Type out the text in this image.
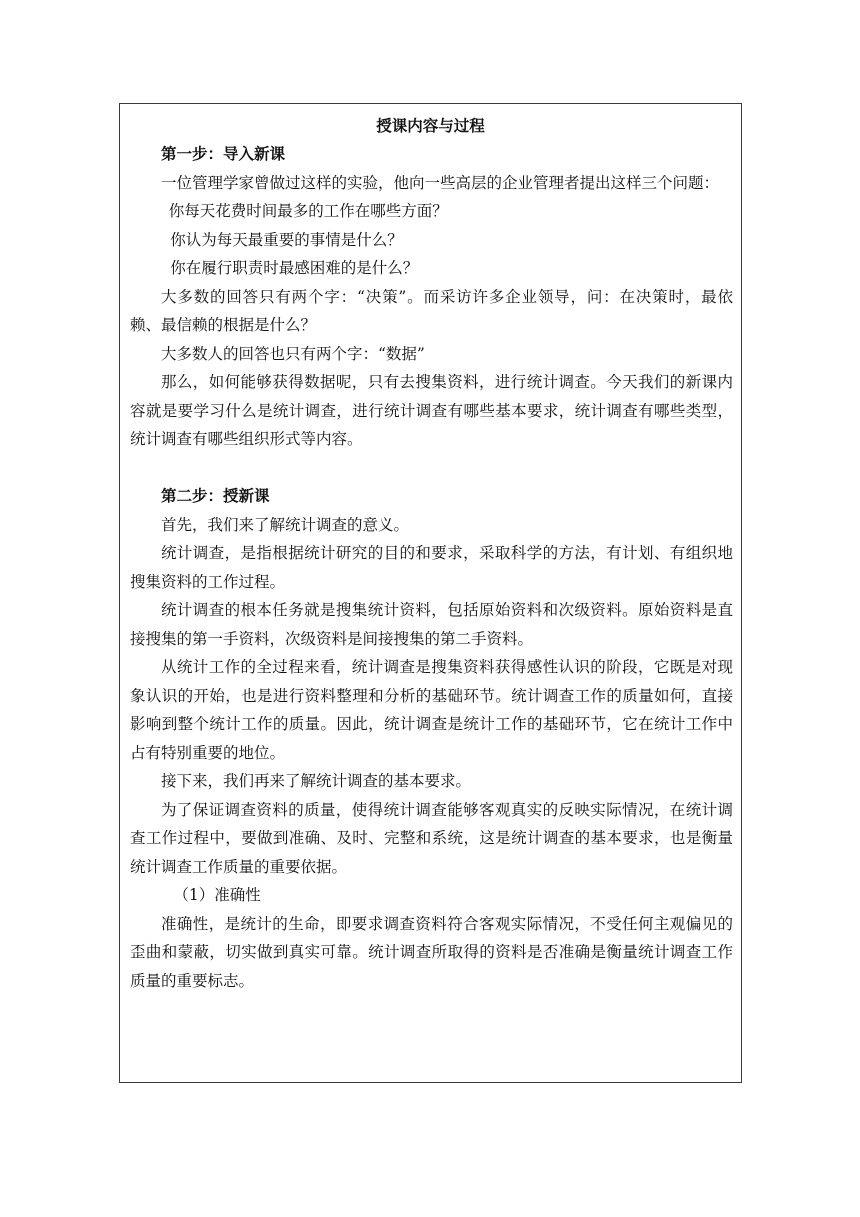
授课内容与过程

第一步：导入新课

一位管理学家曾做过这样的实验，他向一些高层的企业管理者提出这样三个问题：

你每天花费时间最多的工作在哪些方面？

你认为每天最重要的事情是什么？

你在履行职责时最感困难的是什么？

大多数的回答只有两个字：“决策”。而采访许多企业领导，问：在决策时，最依赖、最信赖的根据是什么？

大多数人的回答也只有两个字：“数据”

那么，如何能够获得数据呢，只有去搜集资料，进行统计调查。今天我们的新课内容就是要学习什么是统计调查，进行统计调查有哪些基本要求，统计调查有哪些类型，统计调查有哪些组织形式等内容。

第二步：授新课

首先，我们来了解统计调查的意义。

统计调查，是指根据统计研究的目的和要求，采取科学的方法，有计划、有组织地搜集资料的工作过程。

统计调查的根本任务就是搜集统计资料，包括原始资料和次级资料。原始资料是直接搜集的第一手资料，次级资料是间接搜集的第二手资料。

从统计工作的全过程来看，统计调查是搜集资料获得感性认识的阶段，它既是对现象认识的开始，也是进行资料整理和分析的基础环节。统计调查工作的质量如何，直接影响到整个统计工作的质量。因此，统计调查是统计工作的基础环节，它在统计工作中占有特别重要的地位。

接下来，我们再来了解统计调查的基本要求。

为了保证调查资料的质量，使得统计调查能够客观真实的反映实际情况，在统计调查工作过程中，要做到准确、及时、完整和系统，这是统计调查的基本要求，也是衡量统计调查工作质量的重要依据。

（1）准确性

准确性，是统计的生命，即要求调查资料符合客观实际情况，不受任何主观偏见的歪曲和蒙蔽，切实做到真实可靠。统计调查所取得的资料是否准确是衡量统计调查工作质量的重要标志。
